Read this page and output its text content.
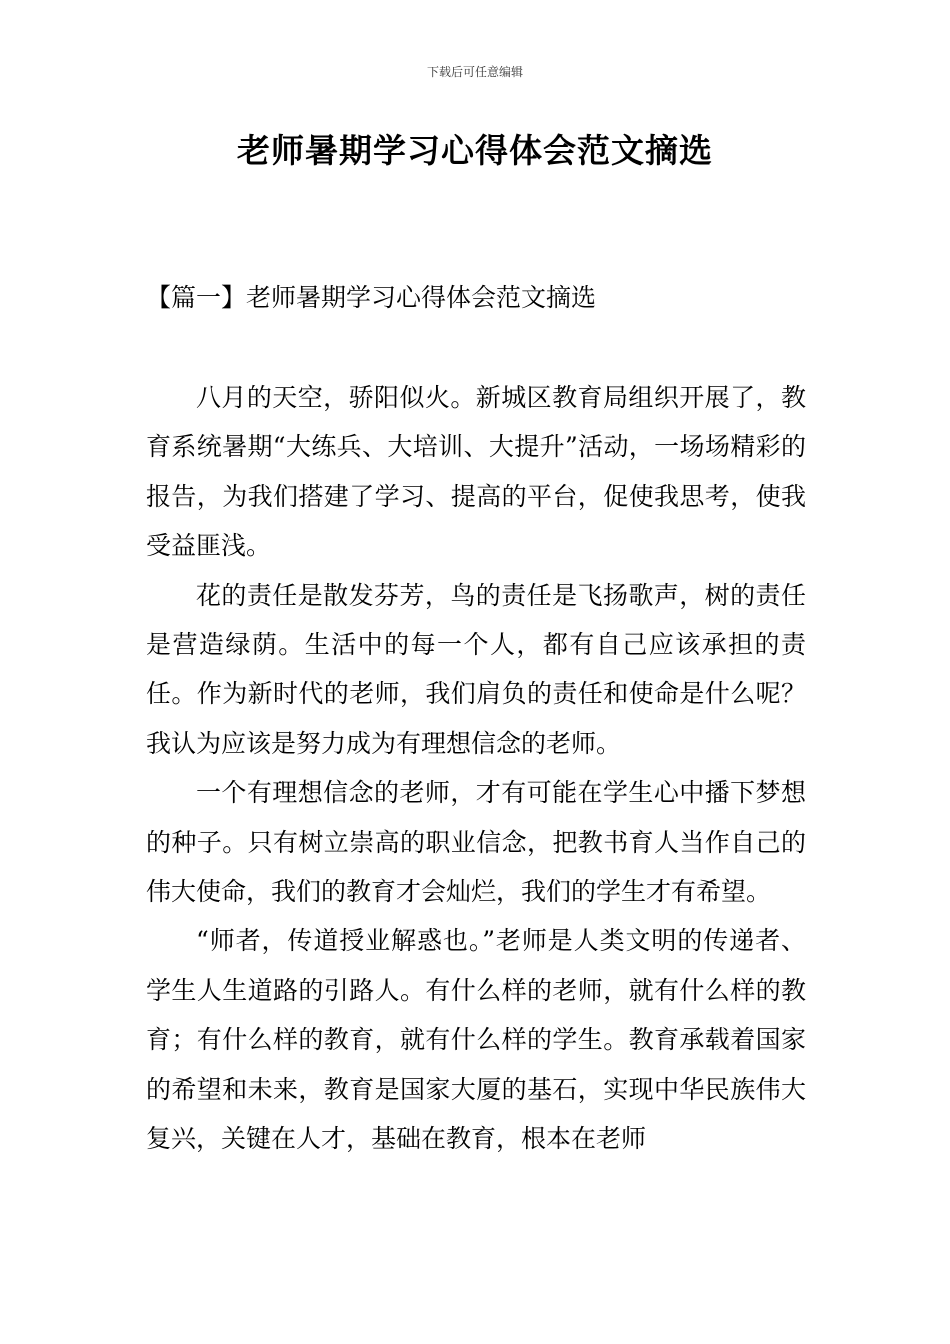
下载后可任意编辑
老师暑期学习心得体会范文摘选
【篇一】老师暑期学习心得体会范文摘选

八月的天空，骄阳似火。新城区教育局组织开展了，教育系统暑期“大练兵、大培训、大提升”活动，一场场精彩的报告，为我们搭建了学习、提高的平台，促使我思考，使我受益匪浅。

花的责任是散发芬芳，鸟的责任是飞扬歌声，树的责任是营造绿荫。生活中的每一个人，都有自己应该承担的责任。作为新时代的老师，我们肩负的责任和使命是什么呢？我认为应该是努力成为有理想信念的老师。

一个有理想信念的老师，才有可能在学生心中播下梦想的种子。只有树立崇高的职业信念，把教书育人当作自己的伟大使命，我们的教育才会灿烂，我们的学生才有希望。

“师者，传道授业解惑也。”老师是人类文明的传递者、学生人生道路的引路人。有什么样的老师，就有什么样的教育；有什么样的教育，就有什么样的学生。教育承载着国家的希望和未来，教育是国家大厦的基石，实现中华民族伟大复兴，关键在人才，基础在教育，根本在老师
